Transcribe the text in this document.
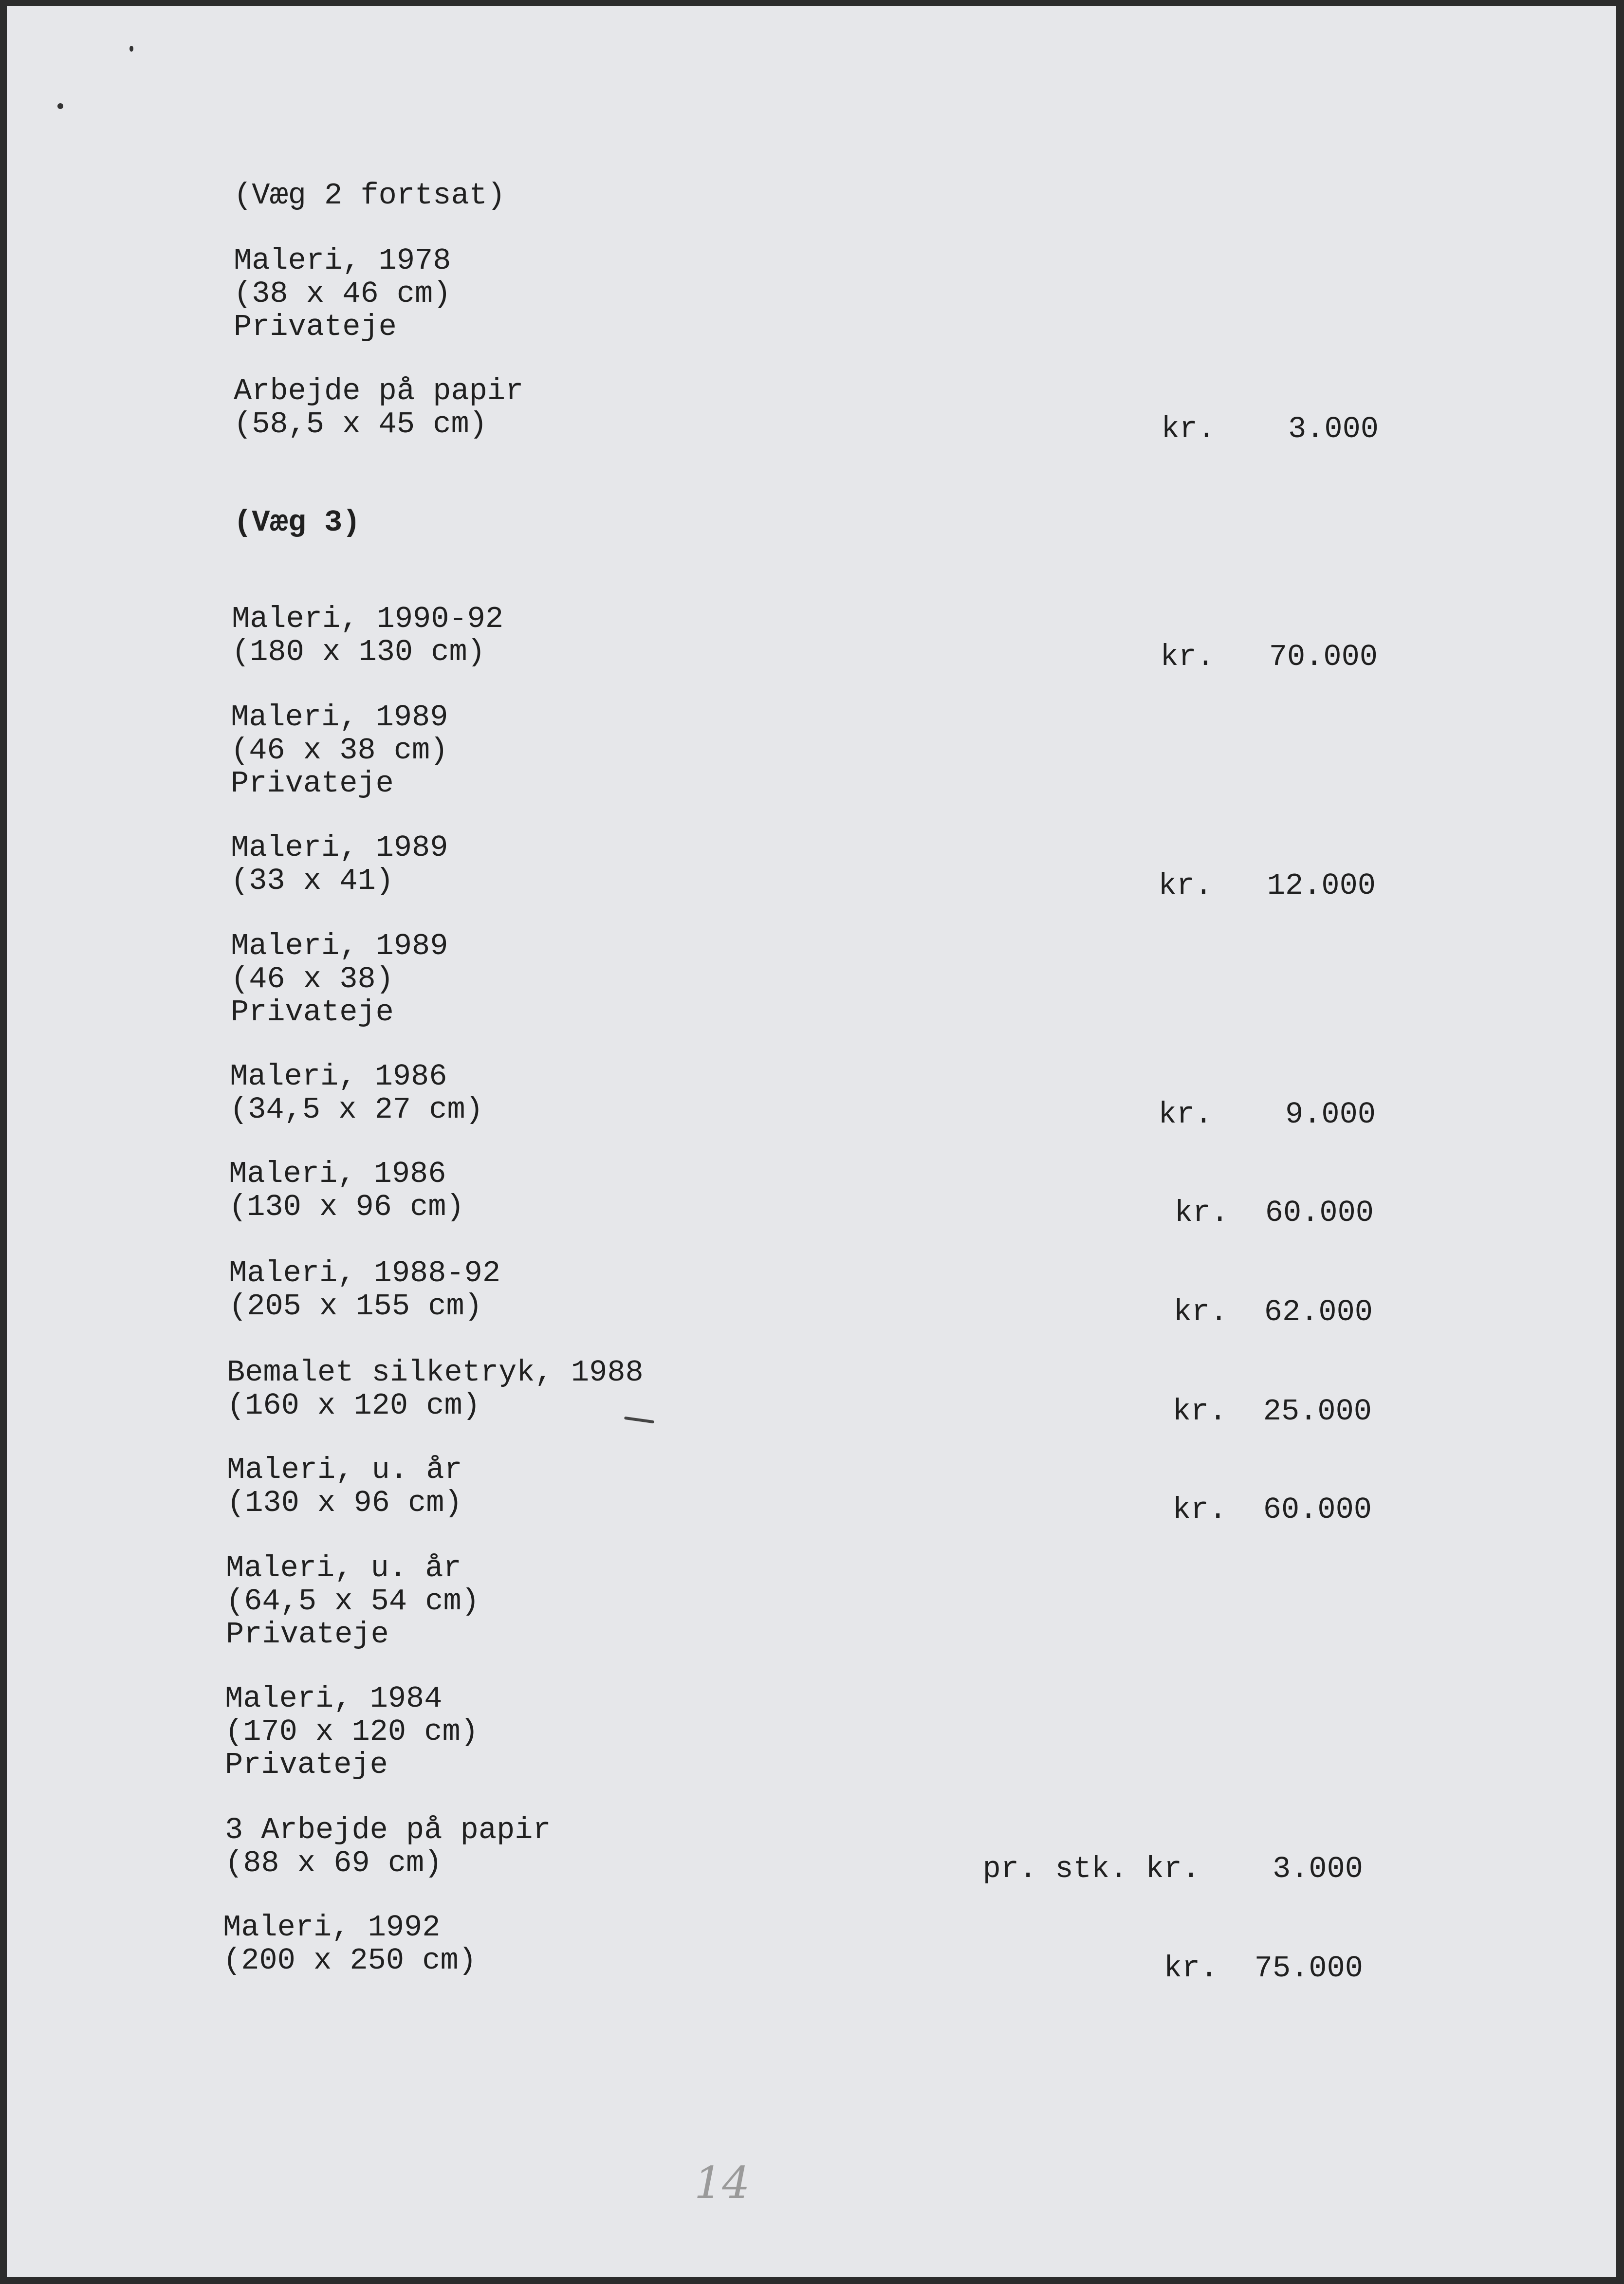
(Væg 2 fortsat)
Maleri, 1978
(38 x 46 cm)
Privateje
Arbejde på papir
(58,5 x 45 cm)	kr.    3.000
(Væg 3)
Maleri, 1990-92
(180 x 130 cm)	kr.   70.000
Maleri, 1989
(46 x 38 cm)
Privateje
Maleri, 1989
(33 x 41)	kr.   12.000
Maleri, 1989
(46 x 38)
Privateje
Maleri, 1986
(34,5 x 27 cm)	kr.    9.000
Maleri, 1986
(130 x 96 cm)	kr.  60.000
Maleri, 1988-92
(205 x 155 cm)	kr.  62.000
Bemalet silketryk, 1988
(160 x 120 cm)	kr.  25.000
Maleri, u. år
(130 x 96 cm)	kr.  60.000
Maleri, u. år
(64,5 x 54 cm)
Privateje
Maleri, 1984
(170 x 120 cm)
Privateje
3 Arbejde på papir
(88 x 69 cm)	pr. stk. kr.    3.000
Maleri, 1992
(200 x 250 cm)	kr.  75.000
14
